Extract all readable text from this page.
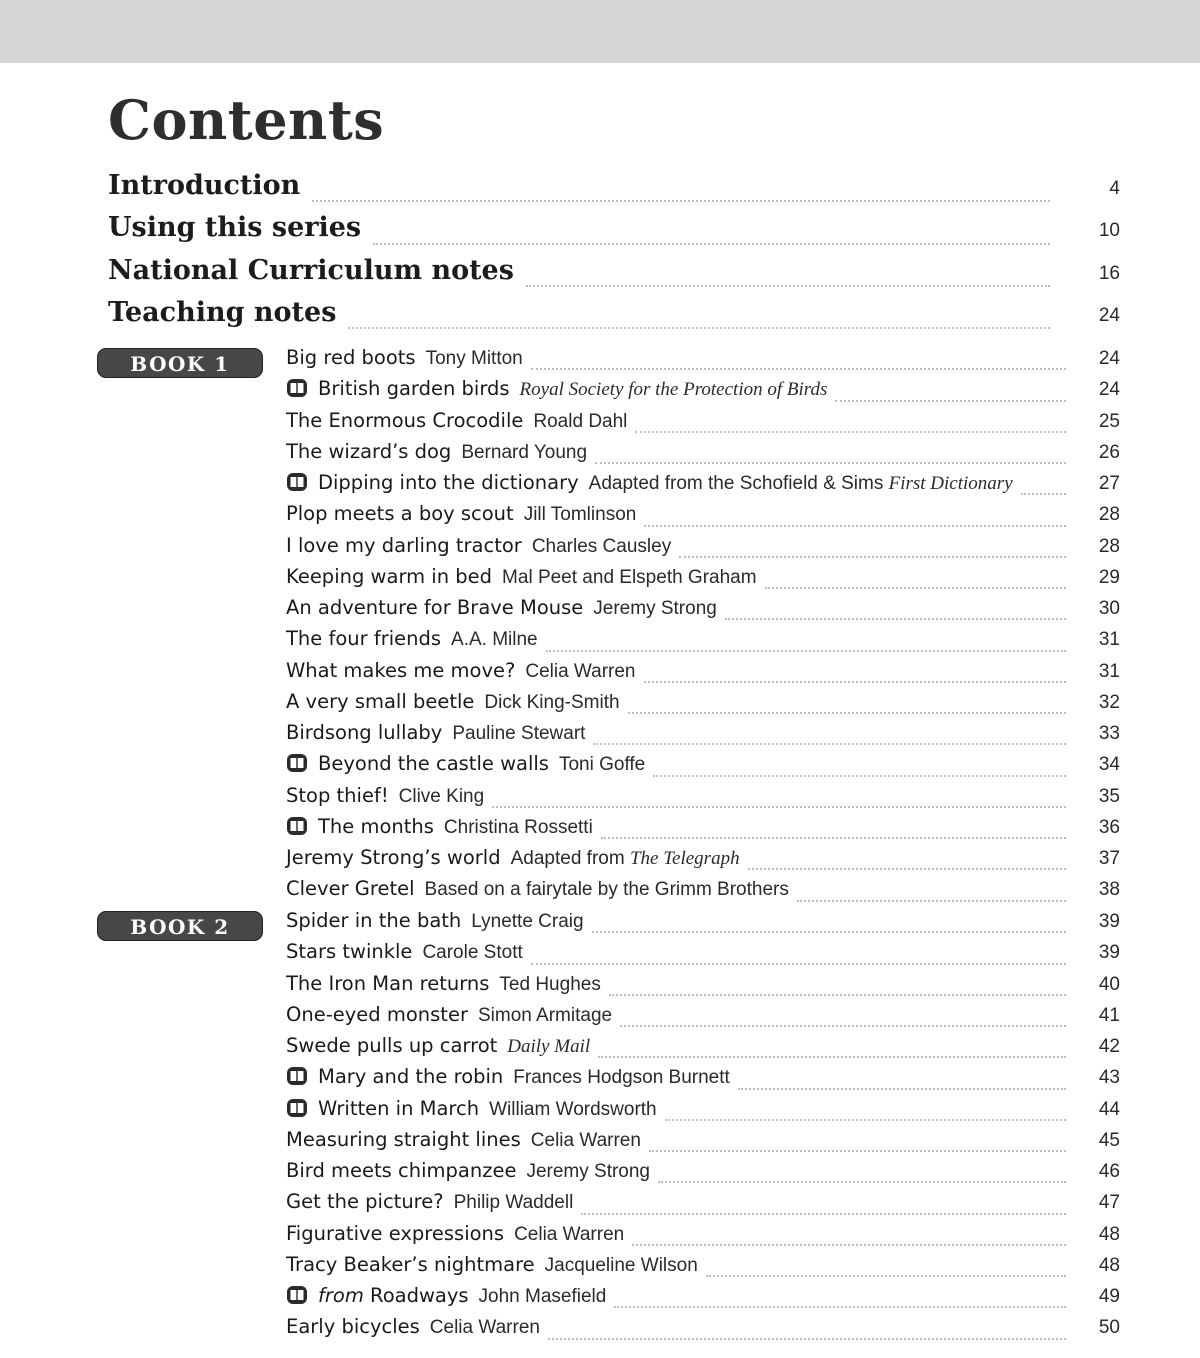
Contents
Introduction	4
Using this series	10
National Curriculum notes	16
Teaching notes	24
BOOK 1	Big red boots Tony Mitton	24
British garden birds Royal Society for the Protection of Birds	24
The Enormous Crocodile Roald Dahl	25
The wizard’s dog Bernard Young	26
Dipping into the dictionary Adapted from the Schofield & Sims First Dictionary	27
Plop meets a boy scout Jill Tomlinson	28
I love my darling tractor Charles Causley	28
Keeping warm in bed Mal Peet and Elspeth Graham	29
An adventure for Brave Mouse Jeremy Strong	30
The four friends A.A. Milne	31
What makes me move? Celia Warren	31
A very small beetle Dick King-Smith	32
Birdsong lullaby Pauline Stewart	33
Beyond the castle walls Toni Goffe	34
Stop thief! Clive King	35
The months Christina Rossetti	36
Jeremy Strong’s world Adapted from The Telegraph	37
Clever Gretel Based on a fairytale by the Grimm Brothers	38
BOOK 2	Spider in the bath Lynette Craig	39
Stars twinkle Carole Stott	39
The Iron Man returns Ted Hughes	40
One-eyed monster Simon Armitage	41
Swede pulls up carrot Daily Mail	42
Mary and the robin Frances Hodgson Burnett	43
Written in March William Wordsworth	44
Measuring straight lines Celia Warren	45
Bird meets chimpanzee Jeremy Strong	46
Get the picture? Philip Waddell	47
Figurative expressions Celia Warren	48
Tracy Beaker’s nightmare Jacqueline Wilson	48
from Roadways John Masefield	49
Early bicycles Celia Warren	50
